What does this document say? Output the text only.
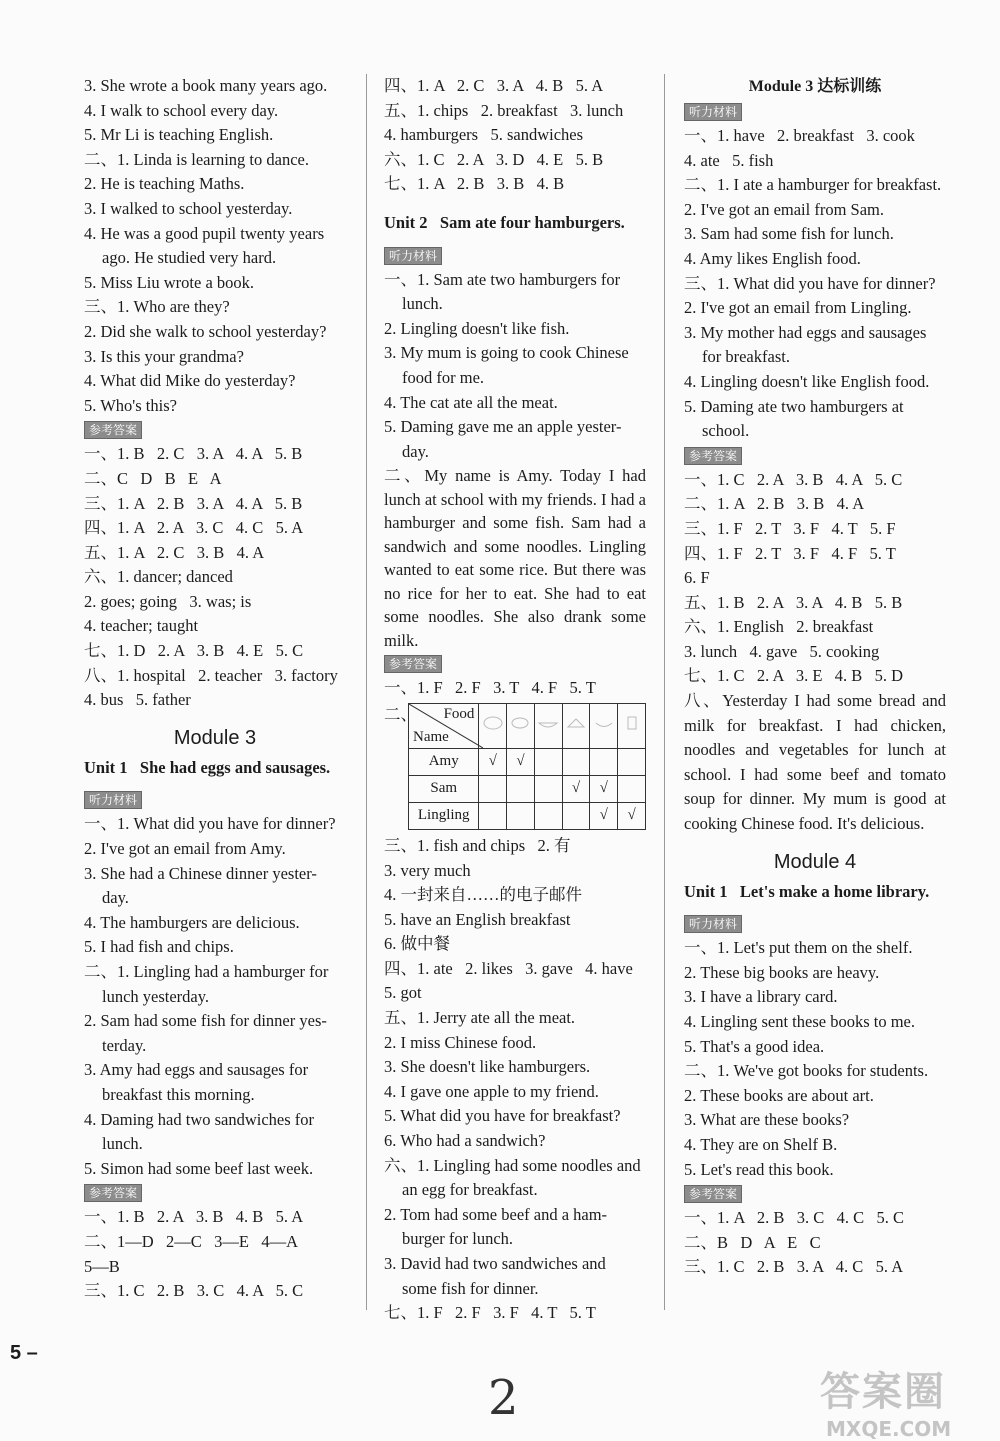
3. She wrote a book many years ago.
4. I walk to school every day.
5. Mr Li is teaching English.
二、1. Linda is learning to dance.
2. He is teaching Maths.
3. I walked to school yesterday.
4. He was a good pupil twenty years
ago. He studied very hard.
5. Miss Liu wrote a book.
三、1. Who are they?
2. Did she walk to school yesterday?
3. Is this your grandma?
4. What did Mike do yesterday?
5. Who's this?
参考答案
一、1. B   2. C   3. A   4. A   5. B
二、C   D   B   E   A
三、1. A   2. B   3. A   4. A   5. B
四、1. A   2. A   3. C   4. C   5. A
五、1. A   2. C   3. B   4. A
六、1. dancer; danced
2. goes; going   3. was; is
4. teacher; taught
七、1. D   2. A   3. B   4. E   5. C
八、1. hospital   2. teacher   3. factory
4. bus   5. father
Module 3
Unit 1   She had eggs and sausages.
听力材料
一、1. What did you have for dinner?
2. I've got an email from Amy.
3. She had a Chinese dinner yester-
day.
4. The hamburgers are delicious.
5. I had fish and chips.
二、1. Lingling had a hamburger for
lunch yesterday.
2. Sam had some fish for dinner yes-
terday.
3. Amy had eggs and sausages for
breakfast this morning.
4. Daming had two sandwiches for
lunch.
5. Simon had some beef last week.
参考答案
一、1. B   2. A   3. B   4. B   5. A
二、1—D   2—C   3—E   4—A
5—B
三、1. C   2. B   3. C   4. A   5. C
四、1. A   2. C   3. A   4. B   5. A
五、1. chips   2. breakfast   3. lunch
4. hamburgers   5. sandwiches
六、1. C   2. A   3. D   4. E   5. B
七、1. A   2. B   3. B   4. B
Unit 2   Sam ate four hamburgers.
听力材料
一、1. Sam ate two hamburgers for
lunch.
2. Lingling doesn't like fish.
3. My mum is going to cook Chinese
food for me.
4. The cat ate all the meat.
5. Daming gave me an apple yester-
day.
二、My name is Amy. Today I had lunch at school with my friends. I had a hamburger and some fish. Sam had a sandwich and some noodles. Lingling wanted to eat some rice. But there was no rice for her to eat. She had to eat some noodles. She also drank some milk.
参考答案
一、1. F   2. F   3. T   4. F   5. T
二、 Food
Name

Amy	√	√				
Sam				√	√	
Lingling					√	√
三、1. fish and chips   2. 有
3. very much
4. 一封来自……的电子邮件
5. have an English breakfast
6. 做中餐
四、1. ate   2. likes   3. gave   4. have
5. got
五、1. Jerry ate all the meat.
2. I miss Chinese food.
3. She doesn't like hamburgers.
4. I gave one apple to my friend.
5. What did you have for breakfast?
6. Who had a sandwich?
六、1. Lingling had some noodles and
an egg for breakfast.
2. Tom had some beef and a ham-
burger for lunch.
3. David had two sandwiches and
some fish for dinner.
七、1. F   2. F   3. F   4. T   5. T
Module 3 达标训练
听力材料
一、1. have   2. breakfast   3. cook
4. ate   5. fish
二、1. I ate a hamburger for breakfast.
2. I've got an email from Sam.
3. Sam had some fish for lunch.
4. Amy likes English food.
三、1. What did you have for dinner?
2. I've got an email from Lingling.
3. My mother had eggs and sausages
for breakfast.
4. Lingling doesn't like English food.
5. Daming ate two hamburgers at
school.
参考答案
一、1. C   2. A   3. B   4. A   5. C
二、1. A   2. B   3. B   4. A
三、1. F   2. T   3. F   4. T   5. F
四、1. F   2. T   3. F   4. F   5. T
6. F
五、1. B   2. A   3. A   4. B   5. B
六、1. English   2. breakfast
3. lunch   4. gave   5. cooking
七、1. C   2. A   3. E   4. B   5. D
八、Yesterday I had some bread and milk for breakfast. I had chicken, noodles and vegetables for lunch at school. I had some beef and tomato soup for dinner. My mum is good at cooking Chinese food. It's delicious.
Module 4
Unit 1   Let's make a home library.
听力材料
一、1. Let's put them on the shelf.
2. These big books are heavy.
3. I have a library card.
4. Lingling sent these books to me.
5. That's a good idea.
二、1. We've got books for students.
2. These books are about art.
3. What are these books?
4. They are on Shelf B.
5. Let's read this book.
参考答案
一、1. A   2. B   3. C   4. C   5. C
二、B   D   A   E   C
三、1. C   2. B   3. A   4. C   5. A
5 –
2	答案圈
MXQE.COM
